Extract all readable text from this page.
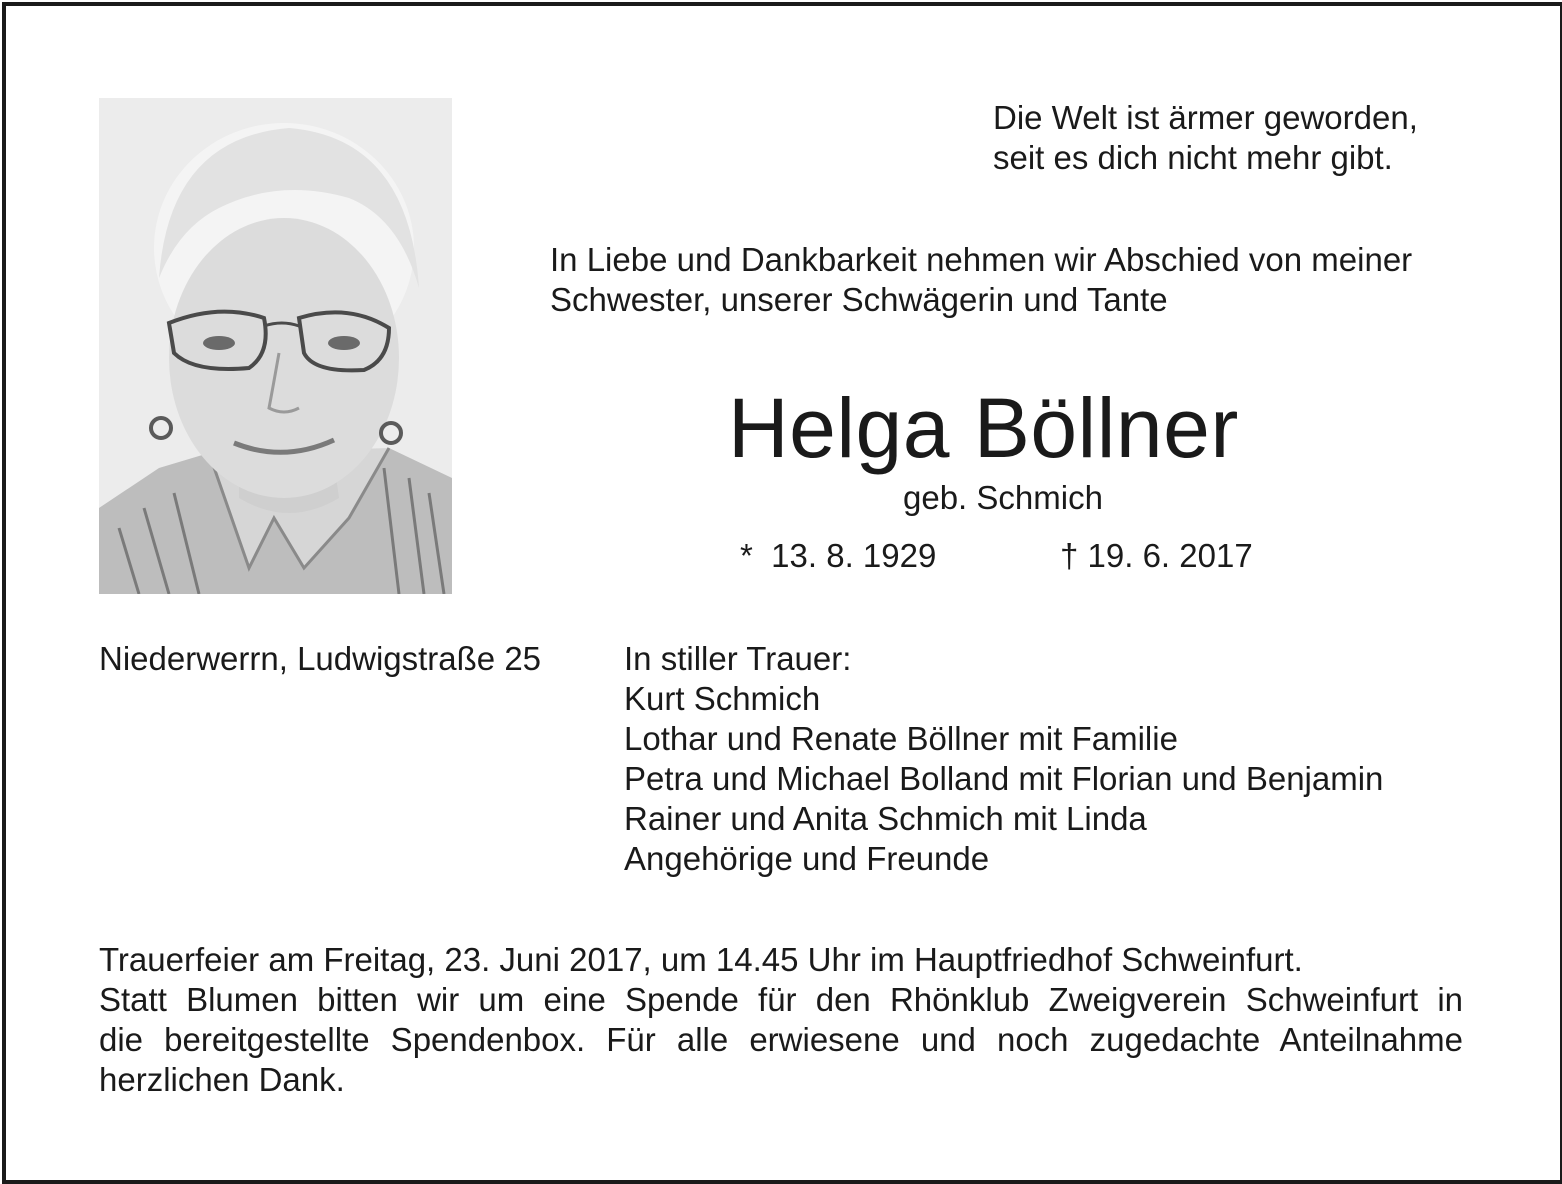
Die Welt ist ärmer geworden,
seit es dich nicht mehr gibt.
In Liebe und Dankbarkeit nehmen wir Abschied von meiner
Schwester, unserer Schwägerin und Tante
Helga Böllner
geb. Schmich
*  13. 8. 1929	† 19. 6. 2017
Niederwerrn, Ludwigstraße 25	In stiller Trauer:
Kurt Schmich
Lothar und Renate Böllner mit Familie
Petra und Michael Bolland mit Florian und Benjamin
Rainer und Anita Schmich mit Linda
Angehörige und Freunde

Trauerfeier am Freitag, 23. Juni 2017, um 14.45 Uhr im Hauptfriedhof Schweinfurt.
Statt Blumen bitten wir um eine Spende für den Rhönklub Zweigverein Schweinfurt in
die bereitgestellte Spendenbox. Für alle erwiesene und noch zugedachte Anteilnahme
herzlichen Dank.
